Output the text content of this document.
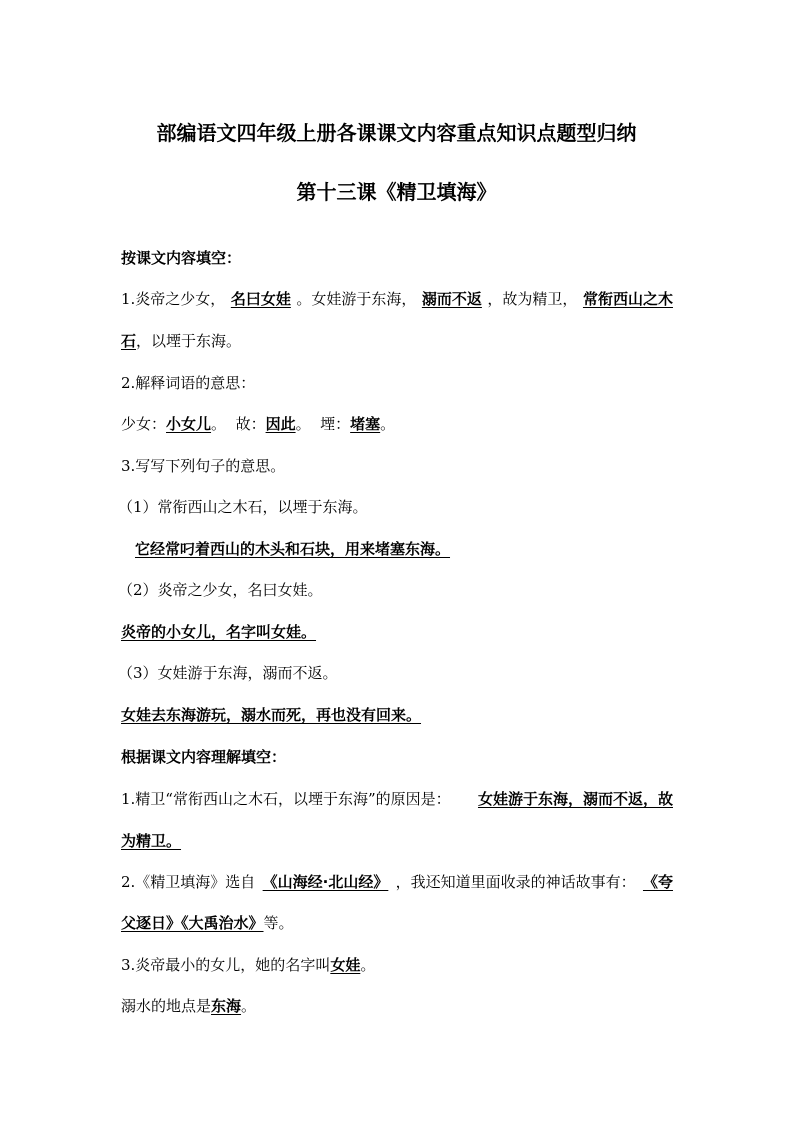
部编语文四年级上册各课课文内容重点知识点题型归纳
第十三课《精卫填海》
按课文内容填空：
1.炎帝之少女， 名曰女娃 。女娃游于东海， 溺而不返 ，故为精卫， 常衔西山之木
石，以堙于东海。
2.解释词语的意思：
少女：小女儿。  故：因此。  堙：堵塞。
3.写写下列句子的意思。
（1）常衔西山之木石，以堙于东海。
它经常叼着西山的木头和石块，用来堵塞东海。
（2）炎帝之少女，名曰女娃。
炎帝的小女儿，名字叫女娃。
（3）女娃游于东海，溺而不返。
女娃去东海游玩，溺水而死，再也没有回来。
根据课文内容理解填空：
1.精卫“常衔西山之木石，以堙于东海”的原因是： 女娃游于东海，溺而不返，故
为精卫。
2.《精卫填海》选自 《山海经·北山经》 ，我还知道里面收录的神话故事有： 《夸
父逐日》《大禹治水》等。
3.炎帝最小的女儿，她的名字叫女娃。
溺水的地点是东海。
